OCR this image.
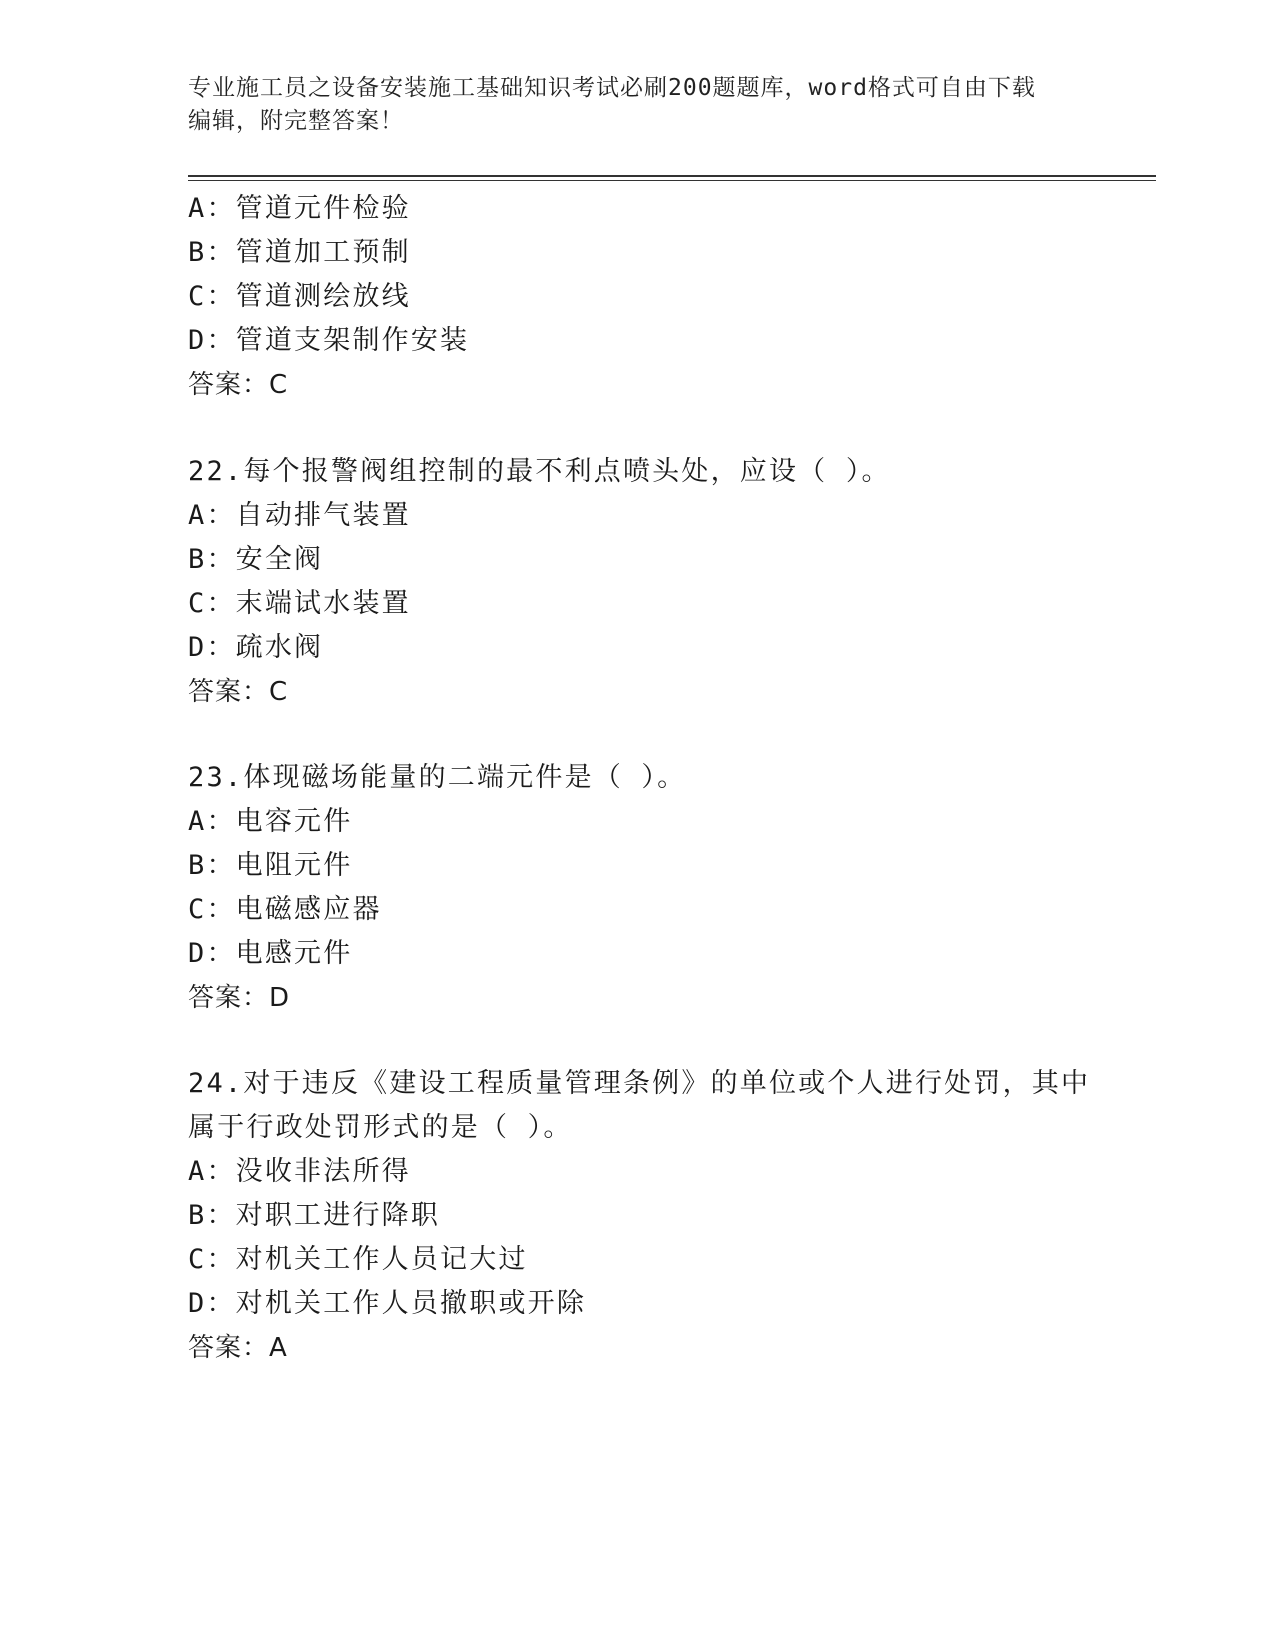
专业施工员之设备安装施工基础知识考试必刷200题题库，word格式可自由下载
编辑，附完整答案！
A：管道元件检验
B：管道加工预制
C：管道测绘放线
D：管道支架制作安装
答案：C
22.每个报警阀组控制的最不利点喷头处，应设（ ）。
A：自动排气装置
B：安全阀
C：末端试水装置
D：疏水阀
答案：C
23.体现磁场能量的二端元件是（ ）。
A：电容元件
B：电阻元件
C：电磁感应器
D：电感元件
答案：D
24.对于违反《建设工程质量管理条例》的单位或个人进行处罚，其中
属于行政处罚形式的是（ ）。
A：没收非法所得
B：对职工进行降职
C：对机关工作人员记大过
D：对机关工作人员撤职或开除
答案：A
